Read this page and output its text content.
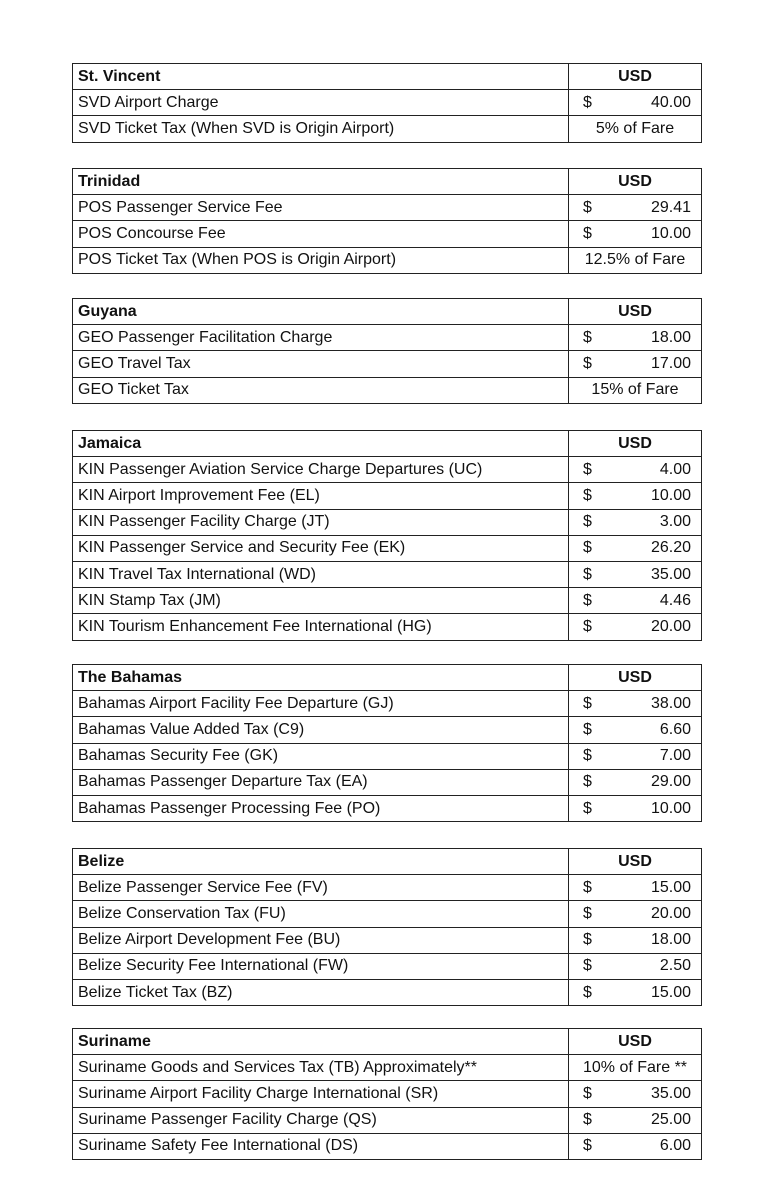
St. Vincent	USD
SVD Airport Charge	$ 40.00

SVD Ticket Tax (When SVD is Origin Airport)	5% of Fare
Trinidad	USD
POS Passenger Service Fee	$ 29.41

POS Concourse Fee	$ 10.00

POS Ticket Tax (When POS is Origin Airport)	12.5% of Fare
Guyana	USD
GEO Passenger Facilitation Charge	$ 18.00

GEO Travel Tax	$ 17.00

GEO Ticket Tax	15% of Fare
Jamaica	USD
KIN Passenger Aviation Service Charge Departures (UC)	$ 4.00

KIN Airport Improvement Fee (EL)	$ 10.00

KIN Passenger Facility Charge (JT)	$ 3.00

KIN Passenger Service and Security Fee (EK)	$ 26.20

KIN Travel Tax International (WD)	$ 35.00

KIN Stamp Tax (JM)	$ 4.46

KIN Tourism Enhancement Fee International (HG)	$ 20.00
The Bahamas	USD
Bahamas Airport Facility Fee Departure (GJ)	$ 38.00

Bahamas Value Added Tax (C9)	$ 6.60

Bahamas Security Fee (GK)	$ 7.00

Bahamas Passenger Departure Tax (EA)	$ 29.00

Bahamas Passenger Processing Fee (PO)	$ 10.00
Belize	USD
Belize Passenger Service Fee (FV)	$ 15.00

Belize Conservation Tax (FU)	$ 20.00

Belize Airport Development Fee (BU)	$ 18.00

Belize Security Fee International (FW)	$ 2.50

Belize Ticket Tax (BZ)	$ 15.00
Suriname	USD
Suriname Goods and Services Tax (TB) Approximately**	10% of Fare **
Suriname Airport Facility Charge International (SR)	$ 35.00

Suriname Passenger Facility Charge (QS)	$ 25.00

Suriname Safety Fee International (DS)	$ 6.00
